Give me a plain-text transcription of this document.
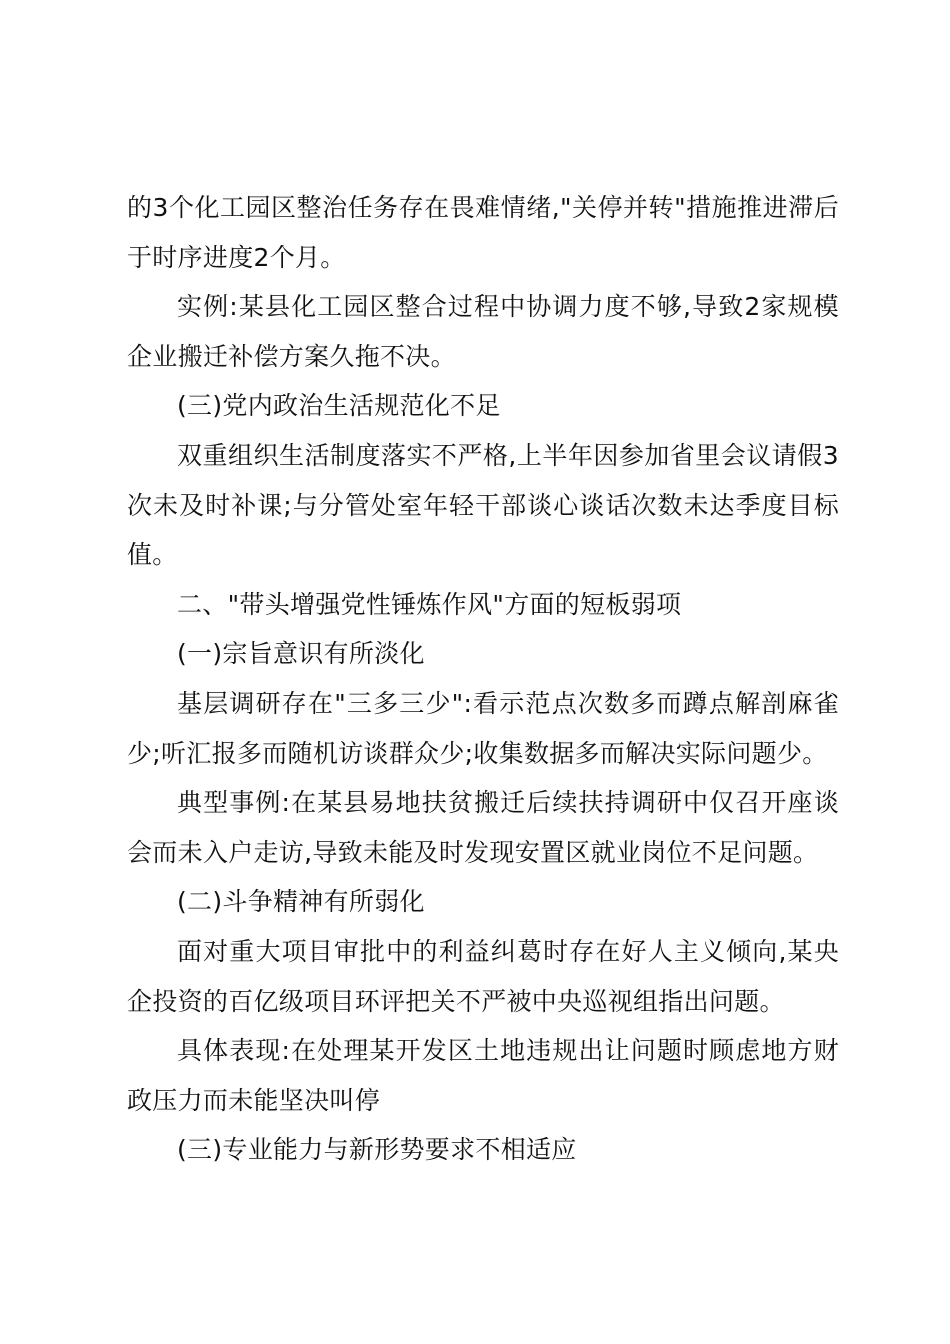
的3个化工园区整治任务存在畏难情绪,"关停并转"措施推进滞后于时序进度2个月。

实例:某县化工园区整合过程中协调力度不够,导致2家规模企业搬迁补偿方案久拖不决。

(三)党内政治生活规范化不足

双重组织生活制度落实不严格,上半年因参加省里会议请假3次未及时补课;与分管处室年轻干部谈心谈话次数未达季度目标值。

二、"带头增强党性锤炼作风"方面的短板弱项

(一)宗旨意识有所淡化

基层调研存在"三多三少":看示范点次数多而蹲点解剖麻雀少;听汇报多而随机访谈群众少;收集数据多而解决实际问题少。

典型事例:在某县易地扶贫搬迁后续扶持调研中仅召开座谈会而未入户走访,导致未能及时发现安置区就业岗位不足问题。

(二)斗争精神有所弱化

面对重大项目审批中的利益纠葛时存在好人主义倾向,某央企投资的百亿级项目环评把关不严被中央巡视组指出问题。

具体表现:在处理某开发区土地违规出让问题时顾虑地方财政压力而未能坚决叫停

(三)专业能力与新形势要求不相适应
